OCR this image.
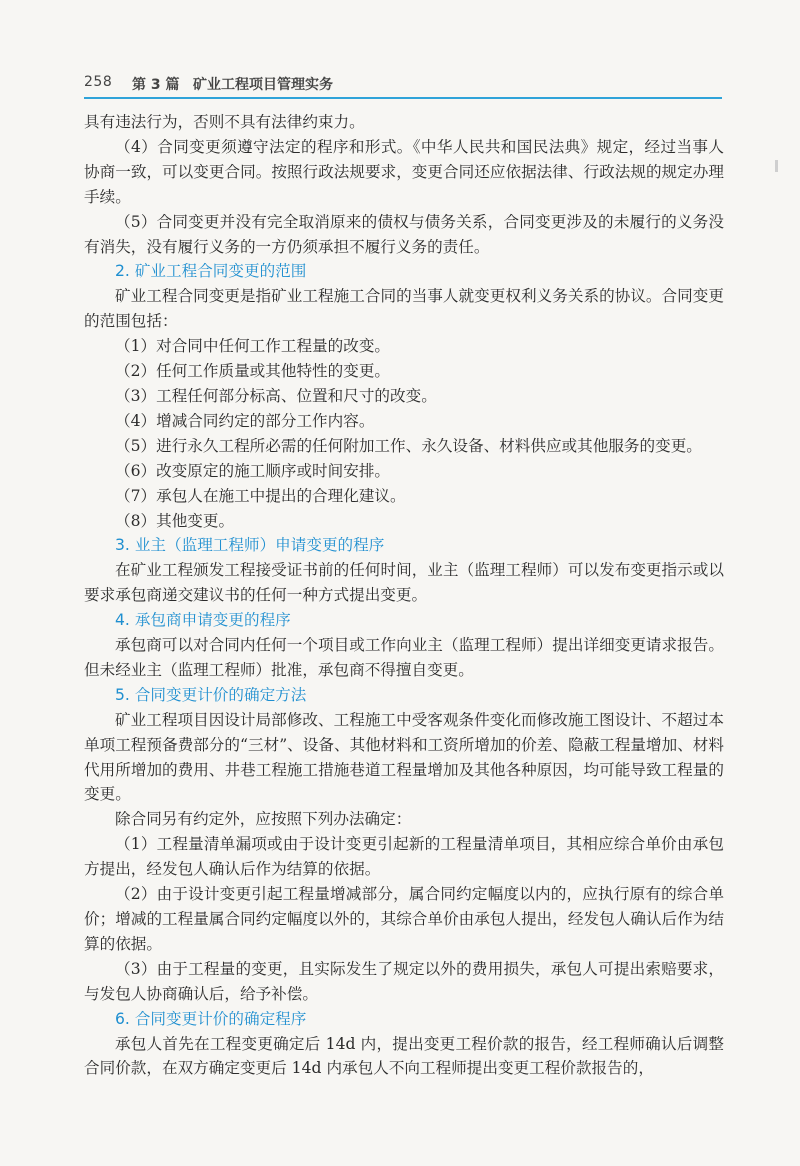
258 第 3 篇 矿业工程项目管理实务

具有违法行为，否则不具有法律约束力。

（4）合同变更须遵守法定的程序和形式。《中华人民共和国民法典》规定，经过当事人协商一致，可以变更合同。按照行政法规要求，变更合同还应依据法律、行政法规的规定办理手续。

（5）合同变更并没有完全取消原来的债权与债务关系，合同变更涉及的未履行的义务没有消失，没有履行义务的一方仍须承担不履行义务的责任。

2. 矿业工程合同变更的范围

矿业工程合同变更是指矿业工程施工合同的当事人就变更权利义务关系的协议。合同变更的范围包括：

（1）对合同中任何工作工程量的改变。

（2）任何工作质量或其他特性的变更。

（3）工程任何部分标高、位置和尺寸的改变。

（4）增减合同约定的部分工作内容。

（5）进行永久工程所必需的任何附加工作、永久设备、材料供应或其他服务的变更。

（6）改变原定的施工顺序或时间安排。

（7）承包人在施工中提出的合理化建议。

（8）其他变更。

3. 业主（监理工程师）申请变更的程序

在矿业工程颁发工程接受证书前的任何时间，业主（监理工程师）可以发布变更指示或以要求承包商递交建议书的任何一种方式提出变更。

4. 承包商申请变更的程序

承包商可以对合同内任何一个项目或工作向业主（监理工程师）提出详细变更请求报告。但未经业主（监理工程师）批准，承包商不得擅自变更。

5. 合同变更计价的确定方法

矿业工程项目因设计局部修改、工程施工中受客观条件变化而修改施工图设计、不超过本单项工程预备费部分的“三材”、设备、其他材料和工资所增加的价差、隐蔽工程量增加、材料代用所增加的费用、井巷工程施工措施巷道工程量增加及其他各种原因，均可能导致工程量的变更。

除合同另有约定外，应按照下列办法确定：

（1）工程量清单漏项或由于设计变更引起新的工程量清单项目，其相应综合单价由承包方提出，经发包人确认后作为结算的依据。

（2）由于设计变更引起工程量增减部分，属合同约定幅度以内的，应执行原有的综合单价；增减的工程量属合同约定幅度以外的，其综合单价由承包人提出，经发包人确认后作为结算的依据。

（3）由于工程量的变更，且实际发生了规定以外的费用损失，承包人可提出索赔要求，与发包人协商确认后，给予补偿。

6. 合同变更计价的确定程序

承包人首先在工程变更确定后 14d 内，提出变更工程价款的报告，经工程师确认后调整合同价款，在双方确定变更后 14d 内承包人不向工程师提出变更工程价款报告的，
